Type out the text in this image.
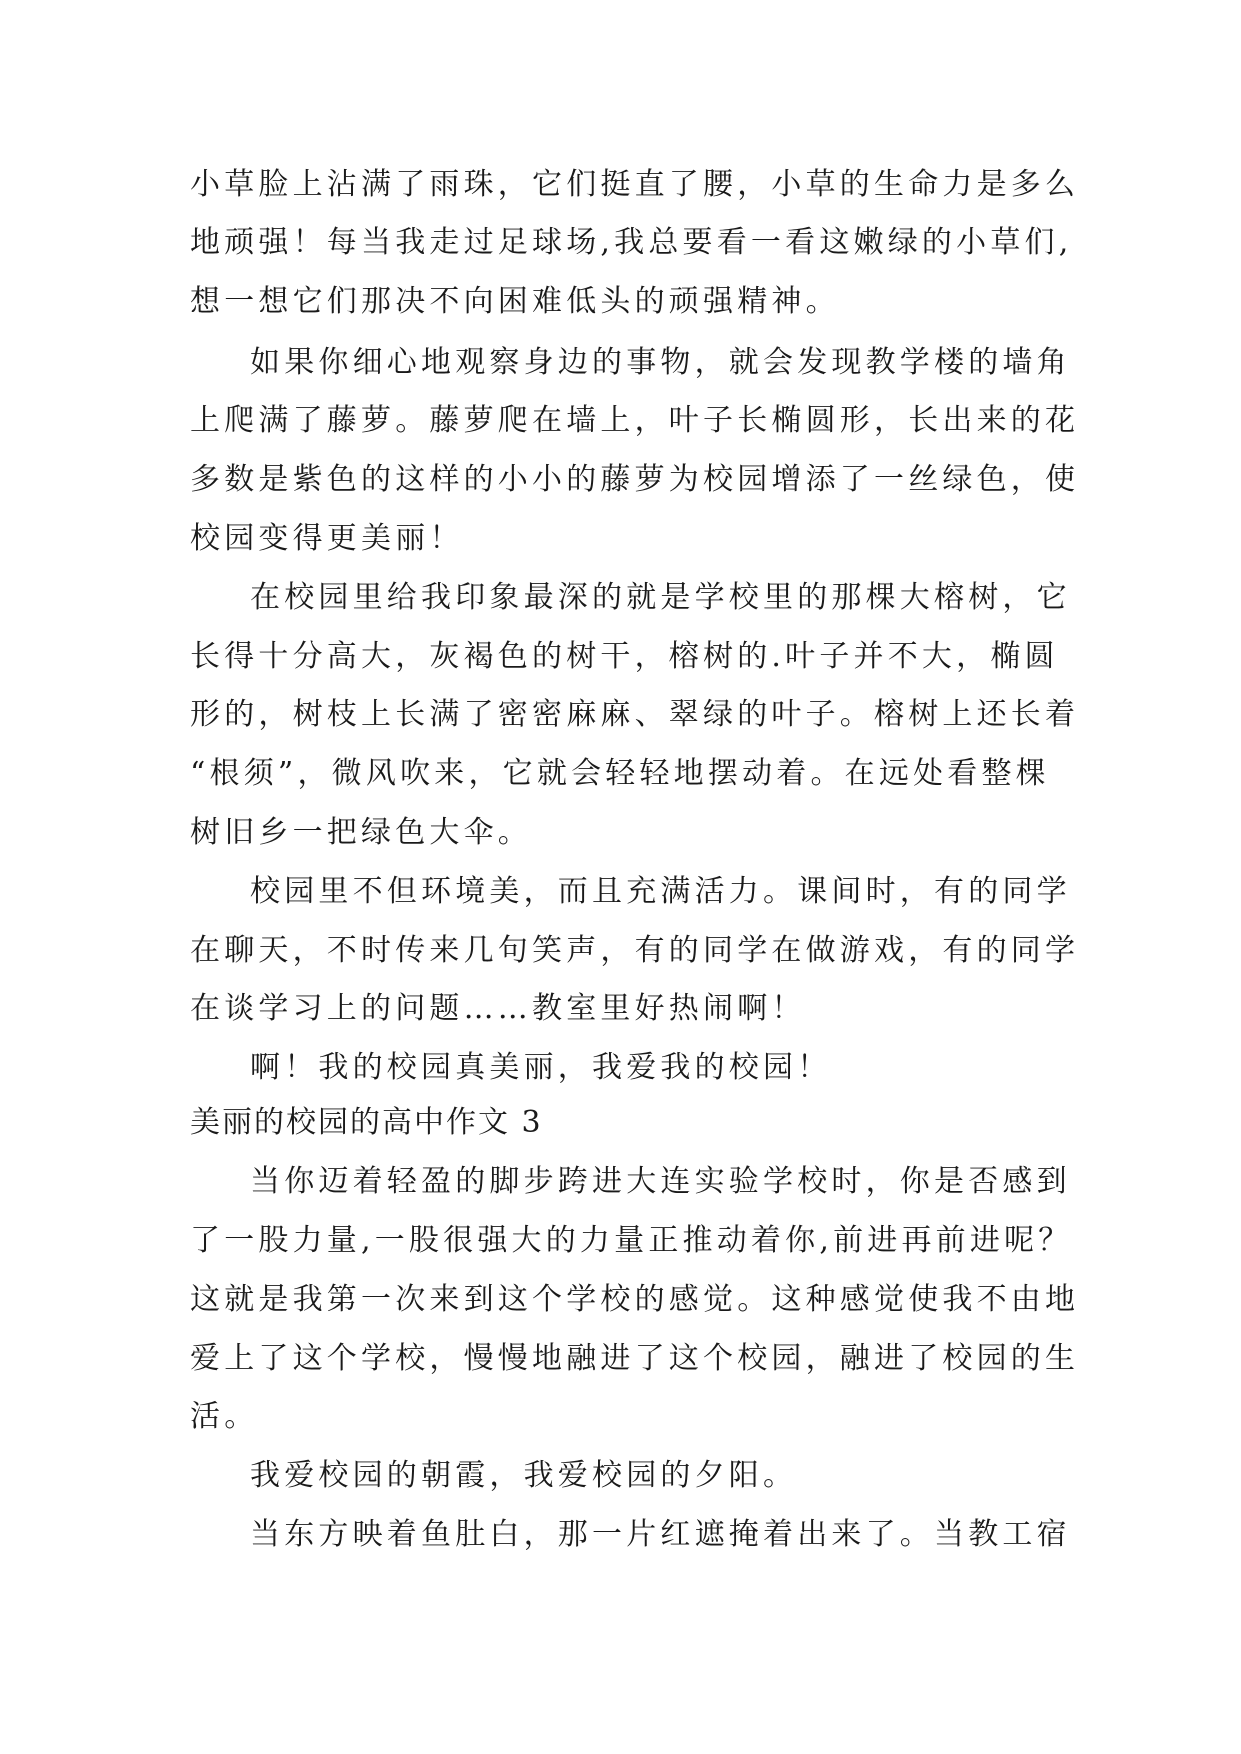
小草脸上沾满了雨珠，它们挺直了腰，小草的生命力是多么
地顽强！每当我走过足球场,我总要看一看这嫩绿的小草们,
想一想它们那决不向困难低头的顽强精神。
如果你细心地观察身边的事物，就会发现教学楼的墙角
上爬满了藤萝。藤萝爬在墙上，叶子长椭圆形，长出来的花
多数是紫色的这样的小小的藤萝为校园增添了一丝绿色，使
校园变得更美丽！
在校园里给我印象最深的就是学校里的那棵大榕树，它
长得十分高大，灰褐色的树干，榕树的.叶子并不大，椭圆
形的，树枝上长满了密密麻麻、翠绿的叶子。榕树上还长着
“根须”，微风吹来，它就会轻轻地摆动着。在远处看整棵
树旧乡一把绿色大伞。
校园里不但环境美，而且充满活力。课间时，有的同学
在聊天，不时传来几句笑声，有的同学在做游戏，有的同学
在谈学习上的问题……教室里好热闹啊！
啊！我的校园真美丽，我爱我的校园！
美丽的校园的高中作文 3
当你迈着轻盈的脚步跨进大连实验学校时，你是否感到
了一股力量,一股很强大的力量正推动着你,前进再前进呢？
这就是我第一次来到这个学校的感觉。这种感觉使我不由地
爱上了这个学校，慢慢地融进了这个校园，融进了校园的生
活。
我爱校园的朝霞，我爱校园的夕阳。
当东方映着鱼肚白，那一片红遮掩着出来了。当教工宿
